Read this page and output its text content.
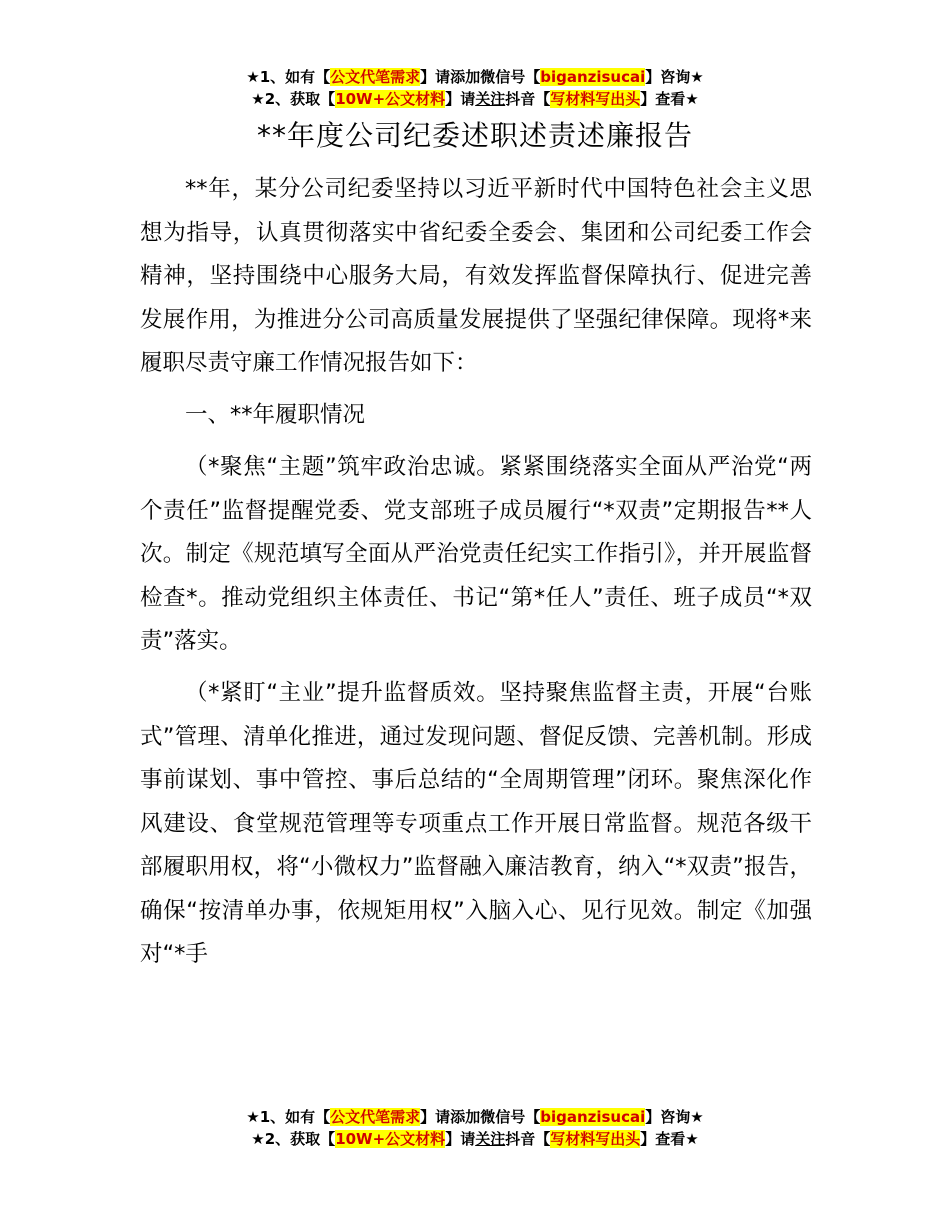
★1、如有【公文代笔需求】请添加微信号【biganzisucai】咨询★
★2、获取【10W+公文材料】请关注抖音【写材料写出头】查看★
**年度公司纪委述职述责述廉报告

**年，某分公司纪委坚持以习近平新时代中国特色社会主义思想为指导，认真贯彻落实中省纪委全委会、集团和公司纪委工作会精神，坚持围绕中心服务大局，有效发挥监督保障执行、促进完善发展作用，为推进分公司高质量发展提供了坚强纪律保障。现将*来履职尽责守廉工作情况报告如下：

一、**年履职情况

（*聚焦“主题”筑牢政治忠诚。紧紧围绕落实全面从严治党“两个责任”监督提醒党委、党支部班子成员履行“*双责”定期报告**人次。制定《规范填写全面从严治党责任纪实工作指引》，并开展监督检查*。推动党组织主体责任、书记“第*任人”责任、班子成员“*双责”落实。

（*紧盯“主业”提升监督质效。坚持聚焦监督主责，开展“台账式”管理、清单化推进，通过发现问题、督促反馈、完善机制。形成事前谋划、事中管控、事后总结的“全周期管理”闭环。聚焦深化作风建设、食堂规范管理等专项重点工作开展日常监督。规范各级干部履职用权，将“小微权力”监督融入廉洁教育，纳入“*双责”报告，确保“按清单办事，依规矩用权”入脑入心、见行见效。制定《加强对“*手

★1、如有【公文代笔需求】请添加微信号【biganzisucai】咨询★
★2、获取【10W+公文材料】请关注抖音【写材料写出头】查看★
